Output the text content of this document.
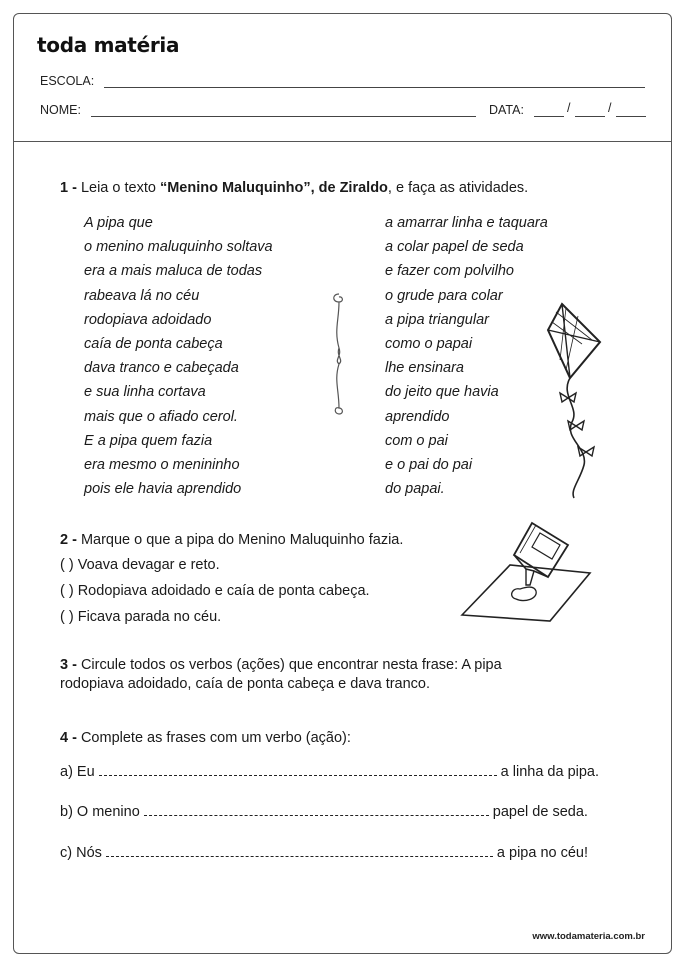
toda matéria
ESCOLA:
NOME:	DATA:	/	/
1 - Leia o texto “Menino Maluquinho”, de Ziraldo, e faça as atividades.
A pipa que
o menino maluquinho soltava
era a mais maluca de todas
rabeava lá no céu
rodopiava adoidado
caía de ponta cabeça
dava tranco e cabeçada
e sua linha cortava
mais que o afiado cerol.
E a pipa quem fazia
era mesmo o menininho
pois ele havia aprendido
a amarrar linha e taquara
a colar papel de seda
e fazer com polvilho
o grude para colar
a pipa triangular
como o papai
lhe ensinara
do jeito que havia
aprendido
com o pai
e o pai do pai
do papai.
2 - Marque o que a pipa do Menino Maluquinho fazia.
( ) Voava devagar e reto.
( ) Rodopiava adoidado e caía de ponta cabeça.
( ) Ficava parada no céu.
3 - Circule todos os verbos (ações) que encontrar nesta frase: A pipa
rodopiava adoidado, caía de ponta cabeça e dava tranco.
4 - Complete as frases com um verbo (ação):
a) Eu	a linha da pipa.
b) O menino	papel de seda.
c) Nós	a pipa no céu!
www.todamateria.com.br
